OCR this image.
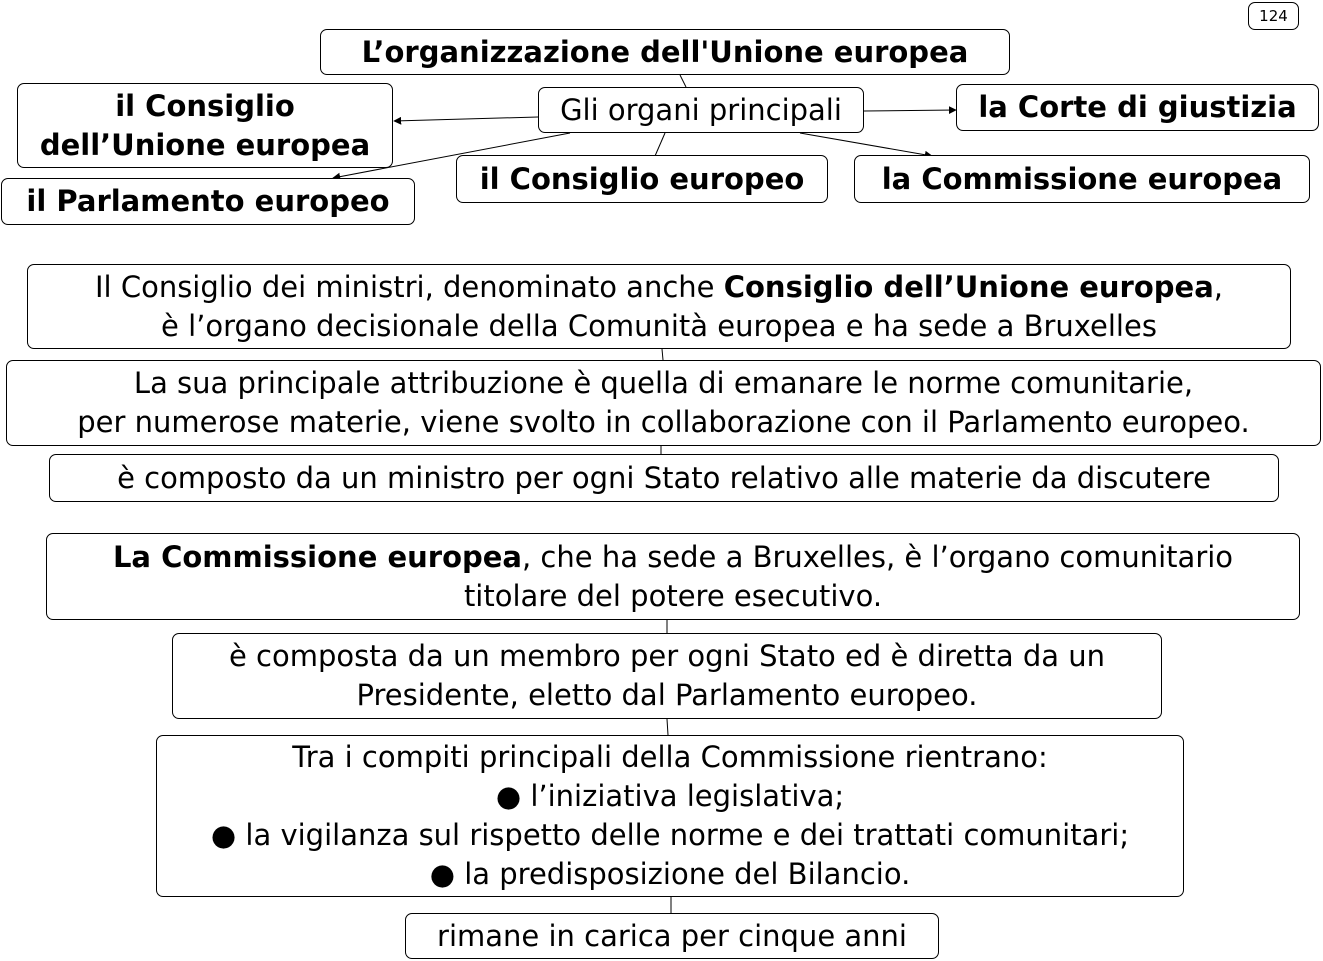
124
L’organizzazione dell'Unione europea
Gli organi principali
il Consiglio
dell’Unione europea
la Corte di giustizia
il Parlamento europeo
il Consiglio europeo	la Commissione europea
Il Consiglio dei ministri, denominato anche Consiglio dell’Unione europea,
è l’organo decisionale della Comunità europea e ha sede a Bruxelles
La sua principale attribuzione è quella di emanare le norme comunitarie,
per numerose materie, viene svolto in collaborazione con il Parlamento europeo.
è composto da un ministro per ogni Stato relativo alle materie da discutere
La Commissione europea, che ha sede a Bruxelles, è l’organo comunitario
titolare del potere esecutivo.
è composta da un membro per ogni Stato ed è diretta da un
Presidente, eletto dal Parlamento europeo.
Tra i compiti principali della Commissione rientrano:
● l’iniziativa legislativa;
● la vigilanza sul rispetto delle norme e dei trattati comunitari;
● la predisposizione del Bilancio.
rimane in carica per cinque anni
